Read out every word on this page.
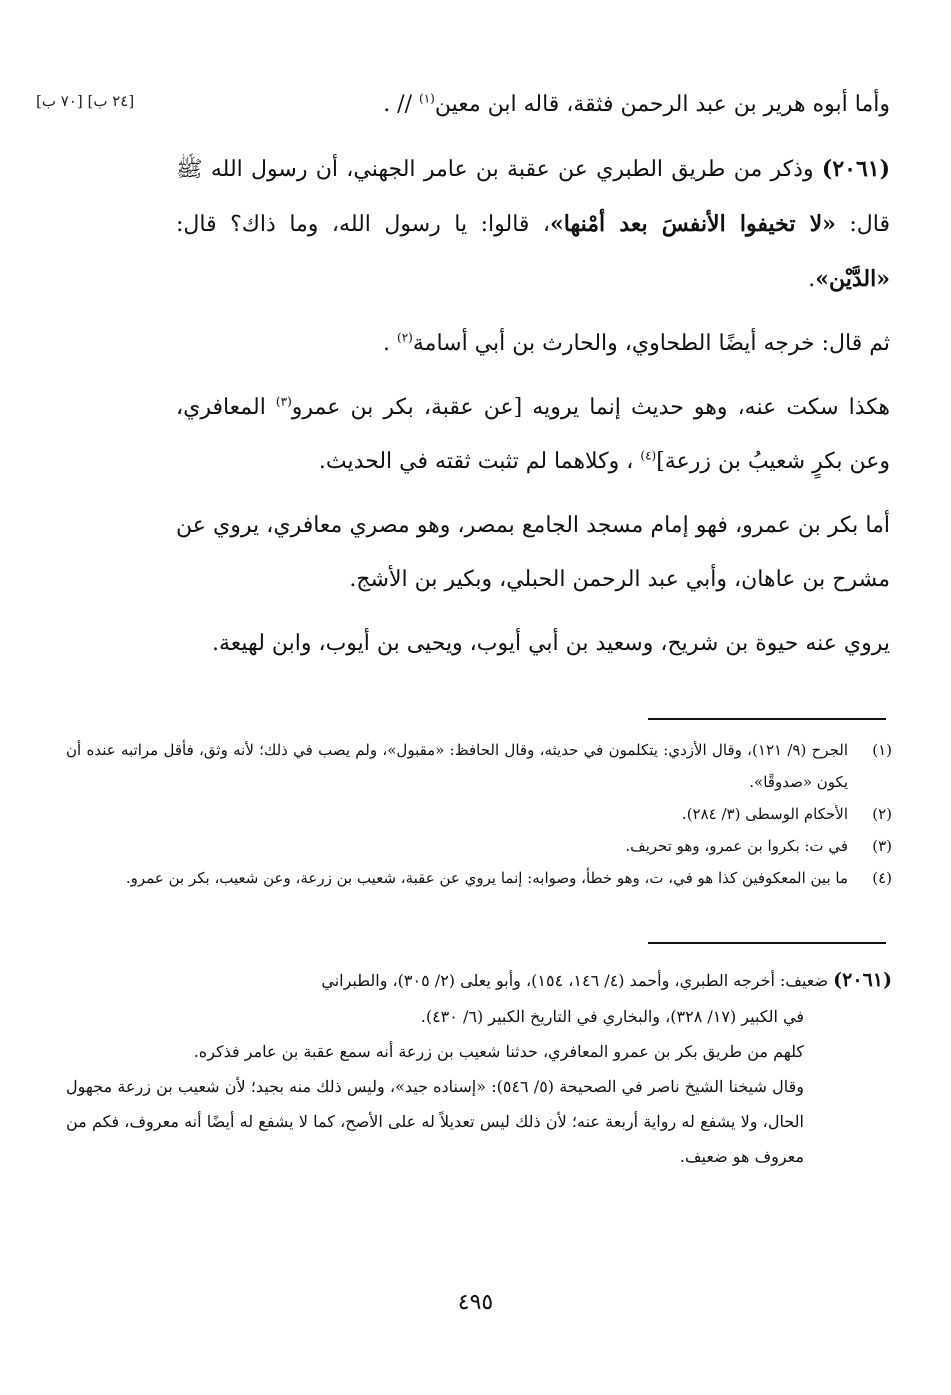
[٢٤ ب] [٧٠ ب]	وأما أبوه هرير بن عبد الرحمن فثقة، قاله ابن معين$^{(١)}$ // .

(٢٠٦١) وذكر من طريق الطبري عن عقبة بن عامر الجهني، أن رسول الله ﷺ قال: «لا تخيفوا الأنفسَ بعد أمْنها»، قالوا: يا رسول الله، وما ذاك؟ قال: «الدَّيْن».

ثم قال: خرجه أيضًا الطحاوي، والحارث بن أبي أسامة$^{(٢)}$ .

هكذا سكت عنه، وهو حديث إنما يرويه [عن عقبة، بكر بن عمرو$^{(٣)}$ المعافري، وعن بكرٍ شعيبُ بن زرعة]$^{(٤)}$ ، وكلاهما لم تثبت ثقته في الحديث.

أما بكر بن عمرو، فهو إمام مسجد الجامع بمصر، وهو مصري معافري، يروي عن مشرح بن عاهان، وأبي عبد الرحمن الحبلي، وبكير بن الأشج.

يروي عنه حيوة بن شريح، وسعيد بن أبي أيوب، ويحيى بن أيوب، وابن لهيعة.

(١)
الجرح (٩/ ١٢١)، وقال الأزدي: يتكلمون في حديثه، وقال الحافظ: «مقبول»، ولم يصب في ذلك؛ لأنه وثق، فأقل مراتبه عنده أن يكون «صدوقًا».
(٢)
الأحكام الوسطى (٣/ ٢٨٤).
(٣)
في ت: بكروا بن عمرو، وهو تحريف.
(٤)
ما بين المعكوفين كذا هو في، ت، وهو خطأ، وصوابه: إنما يروي عن عقبة، شعيب بن زرعة، وعن شعيب، بكر بن عمرو.
(٢٠٦١) ضعيف: أخرجه الطبري، وأحمد (٤/ ١٤٦، ١٥٤)، وأبو يعلى (٢/ ٣٠٥)، والطبراني
في الكبير (١٧/ ٣٢٨)، والبخاري في التاريخ الكبير (٦/ ٤٣٠).
كلهم من طريق بكر بن عمرو المعافري، حدثنا شعيب بن زرعة أنه سمع عقبة بن عامر فذكره.
وقال شيخنا الشيخ ناصر في الصحيحة (٥/ ٥٤٦): «إسناده جيد»، وليس ذلك منه بجيد؛ لأن شعيب بن زرعة مجهول الحال، ولا يشفع له رواية أربعة عنه؛ لأن ذلك ليس تعديلاً له على الأصح، كما لا يشفع له أيضًا أنه معروف، فكم من معروف هو ضعيف.
٤٩٥
